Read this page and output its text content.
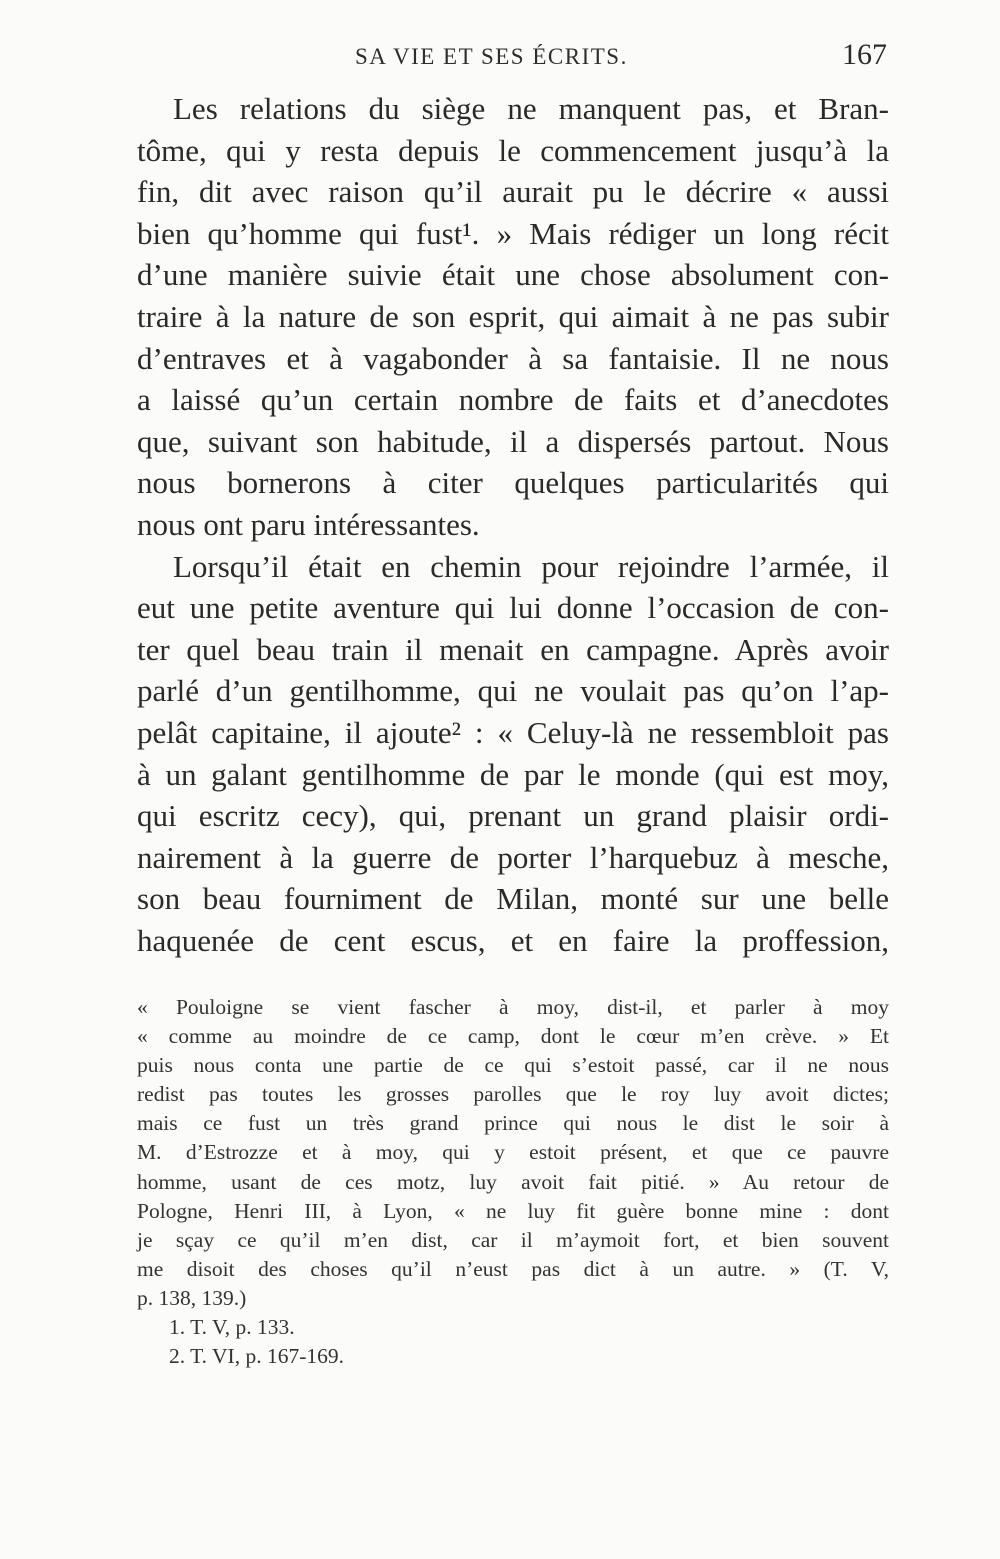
SA VIE ET SES ÉCRITS.	167
Les relations du siège ne manquent pas, et Bran-
tôme, qui y resta depuis le commencement jusqu’à la
fin, dit avec raison qu’il aurait pu le décrire « aussi
bien qu’homme qui fust¹. » Mais rédiger un long récit
d’une manière suivie était une chose absolument con-
traire à la nature de son esprit, qui aimait à ne pas subir
d’entraves et à vagabonder à sa fantaisie. Il ne nous
a laissé qu’un certain nombre de faits et d’anecdotes
que, suivant son habitude, il a dispersés partout. Nous
nous bornerons à citer quelques particularités qui
nous ont paru intéressantes.
Lorsqu’il était en chemin pour rejoindre l’armée, il
eut une petite aventure qui lui donne l’occasion de con-
ter quel beau train il menait en campagne. Après avoir
parlé d’un gentilhomme, qui ne voulait pas qu’on l’ap-
pelât capitaine, il ajoute² : « Celuy-là ne ressembloit pas
à un galant gentilhomme de par le monde (qui est moy,
qui escritz cecy), qui, prenant un grand plaisir ordi-
nairement à la guerre de porter l’harquebuz à mesche,
son beau fourniment de Milan, monté sur une belle
haquenée de cent escus, et en faire la proffession,
« Pouloigne se vient fascher à moy, dist-il, et parler à moy
« comme au moindre de ce camp, dont le cœur m’en crève. » Et
puis nous conta une partie de ce qui s’estoit passé, car il ne nous
redist pas toutes les grosses parolles que le roy luy avoit dictes;
mais ce fust un très grand prince qui nous le dist le soir à
M. d’Estrozze et à moy, qui y estoit présent, et que ce pauvre
homme, usant de ces motz, luy avoit fait pitié. » Au retour de
Pologne, Henri III, à Lyon, « ne luy fit guère bonne mine : dont
je sçay ce qu’il m’en dist, car il m’aymoit fort, et bien souvent
me disoit des choses qu’il n’eust pas dict à un autre. » (T. V,
p. 138, 139.)
1. T. V, p. 133.
2. T. VI, p. 167-169.
